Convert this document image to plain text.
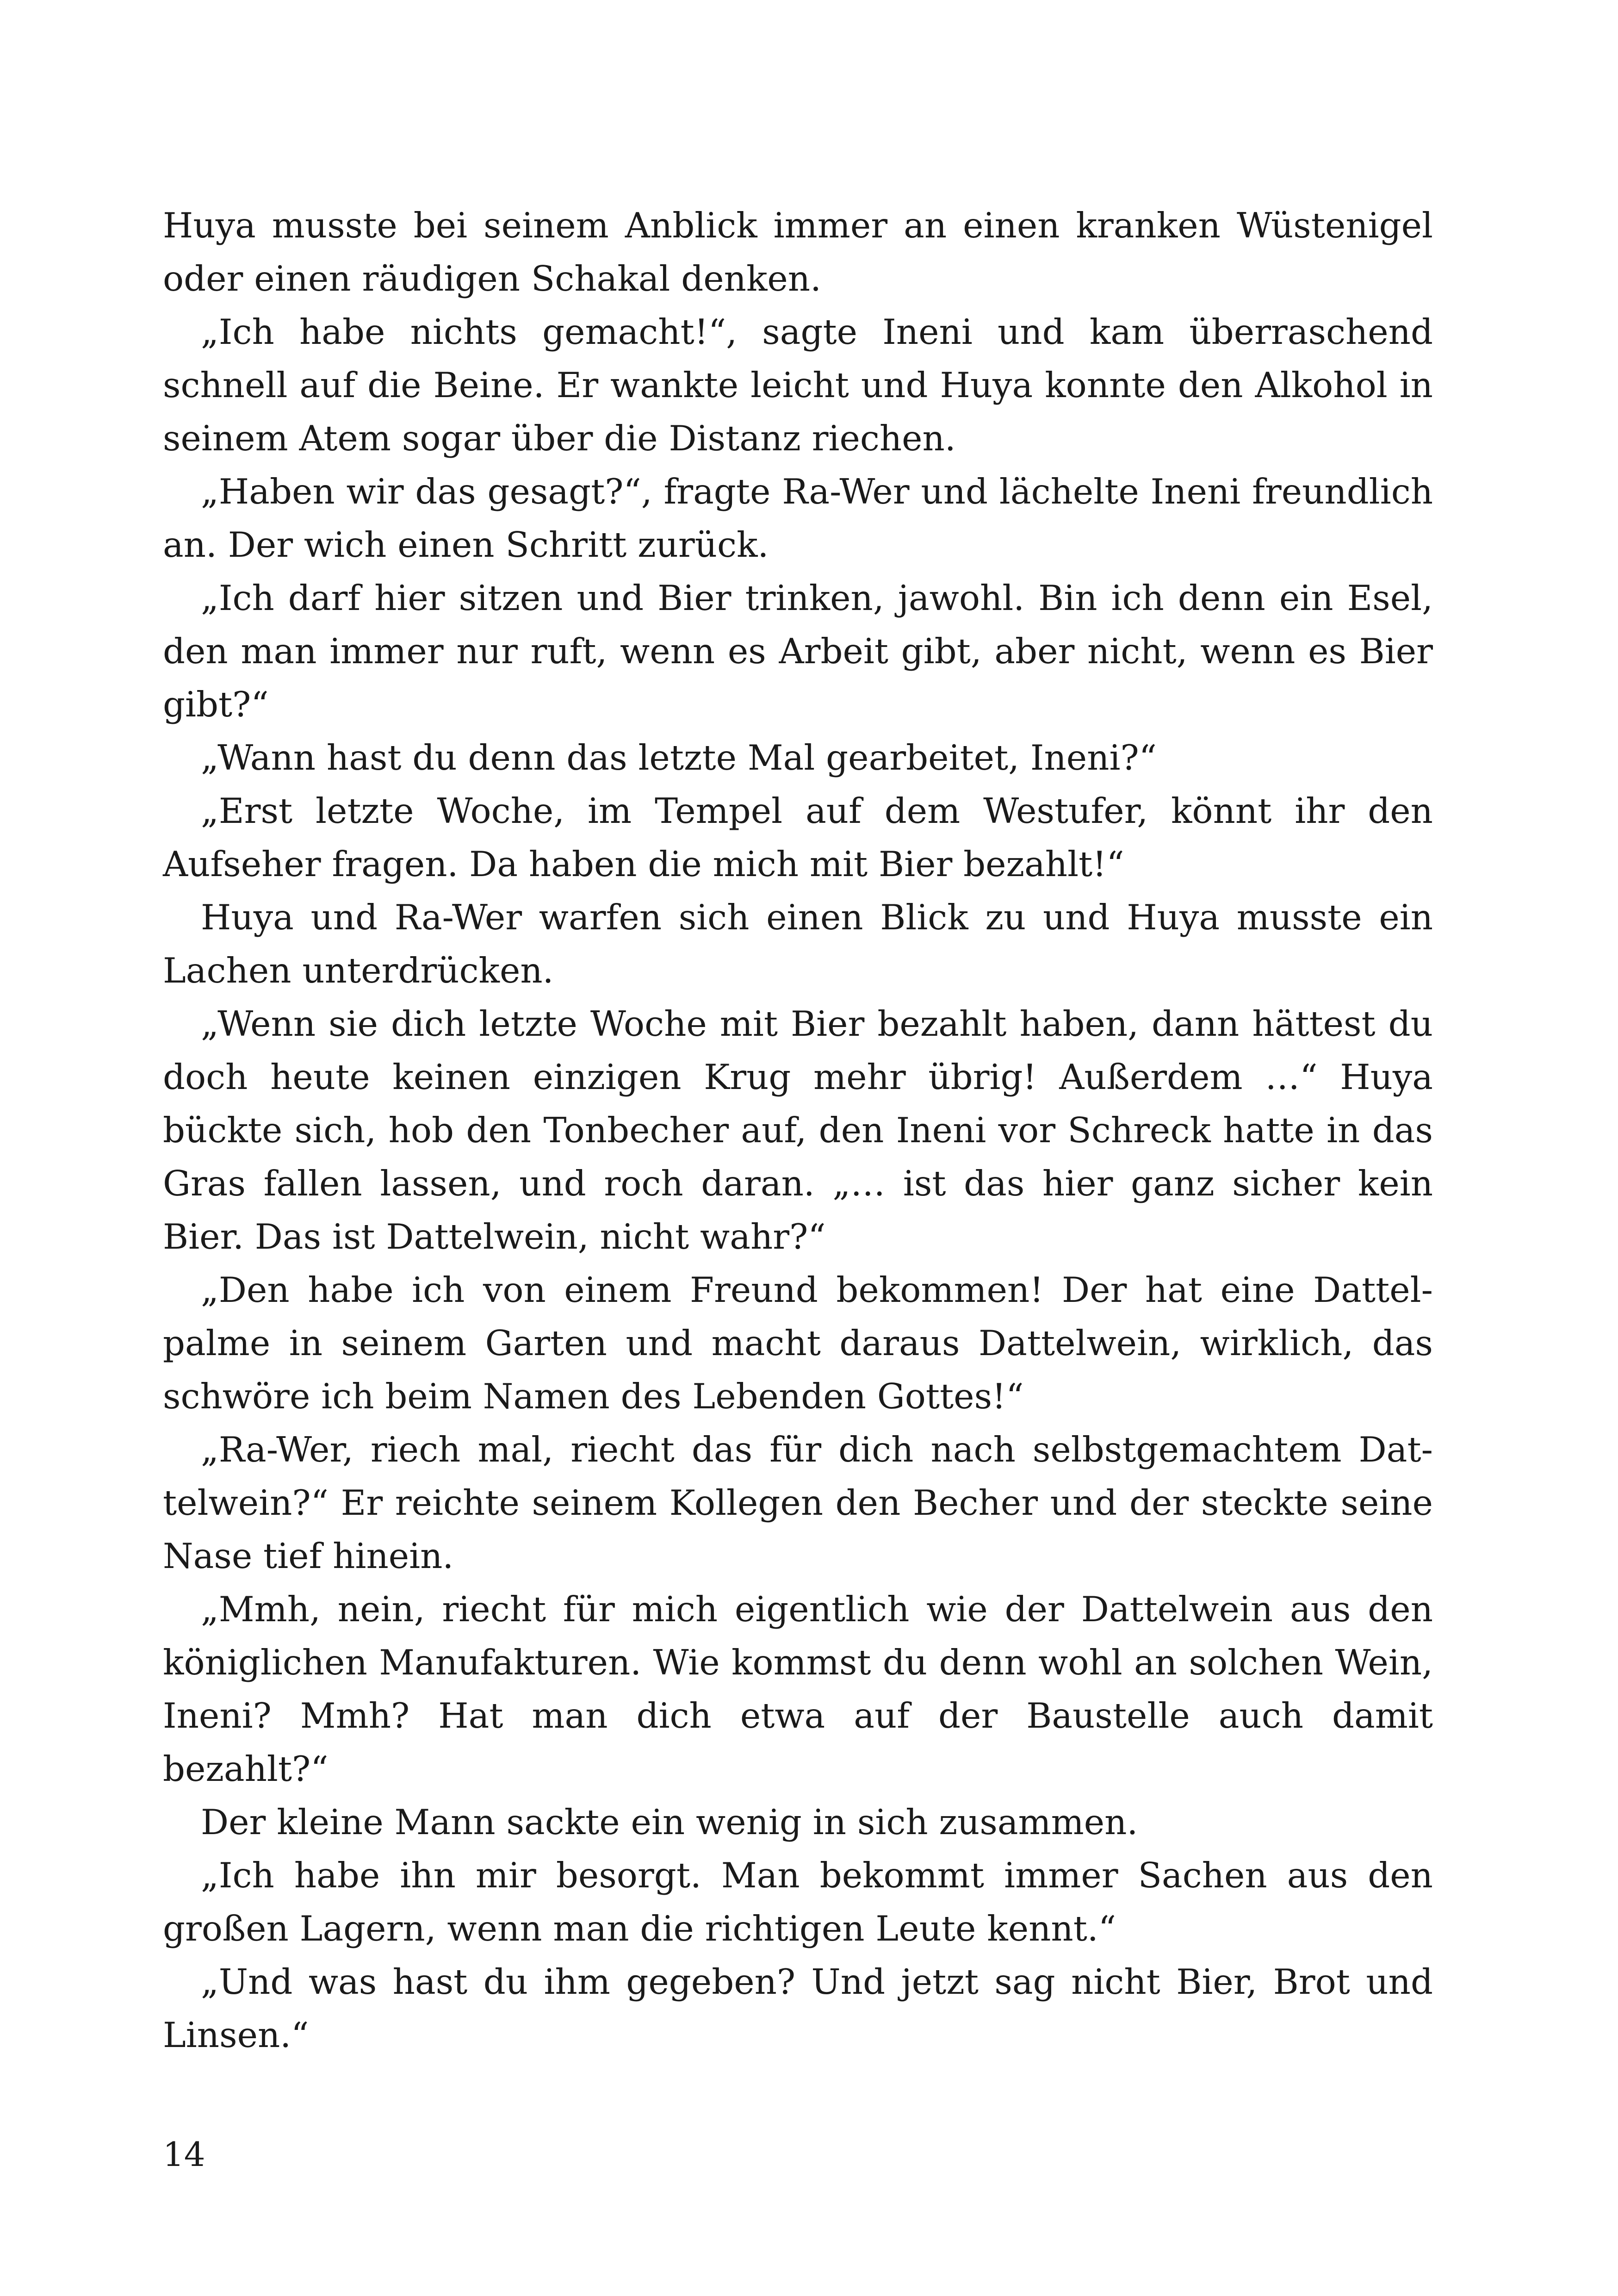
Huya musste bei seinem Anblick immer an einen kranken Wüstenigel oder einen räudigen Schakal denken.

„Ich habe nichts gemacht!“, sagte Ineni und kam überraschend schnell auf die Beine. Er wankte leicht und Huya konnte den Alkohol in seinem Atem sogar über die Distanz riechen.

„Haben wir das gesagt?“, fragte Ra-Wer und lächelte Ineni freundlich an. Der wich einen Schritt zurück.

„Ich darf hier sitzen und Bier trinken, jawohl. Bin ich denn ein Esel, den man immer nur ruft, wenn es Arbeit gibt, aber nicht, wenn es Bier gibt?“

„Wann hast du denn das letzte Mal gearbeitet, Ineni?“

„Erst letzte Woche, im Tempel auf dem Westufer, könnt ihr den Aufseher fragen. Da haben die mich mit Bier bezahlt!“

Huya und Ra-Wer warfen sich einen Blick zu und Huya musste ein Lachen unterdrücken.

„Wenn sie dich letzte Woche mit Bier bezahlt haben, dann hättest du doch heute keinen einzigen Krug mehr übrig! Außerdem …“ Huya bückte sich, hob den Tonbecher auf, den Ineni vor Schreck hatte in das Gras fallen lassen, und roch daran. „… ist das hier ganz sicher kein Bier. Das ist Dattelwein, nicht wahr?“

„Den habe ich von einem Freund bekommen! Der hat eine Dattelpalme in seinem Garten und macht daraus Dattelwein, wirklich, das schwöre ich beim Namen des Lebenden Gottes!“

„Ra-Wer, riech mal, riecht das für dich nach selbstgemachtem Dattelwein?“ Er reichte seinem Kollegen den Becher und der steckte seine Nase tief hinein.

„Mmh, nein, riecht für mich eigentlich wie der Dattelwein aus den königlichen Manufakturen. Wie kommst du denn wohl an solchen Wein, Ineni? Mmh? Hat man dich etwa auf der Baustelle auch damit bezahlt?“

Der kleine Mann sackte ein wenig in sich zusammen.

„Ich habe ihn mir besorgt. Man bekommt immer Sachen aus den großen Lagern, wenn man die richtigen Leute kennt.“

„Und was hast du ihm gegeben? Und jetzt sag nicht Bier, Brot und Linsen.“

14
